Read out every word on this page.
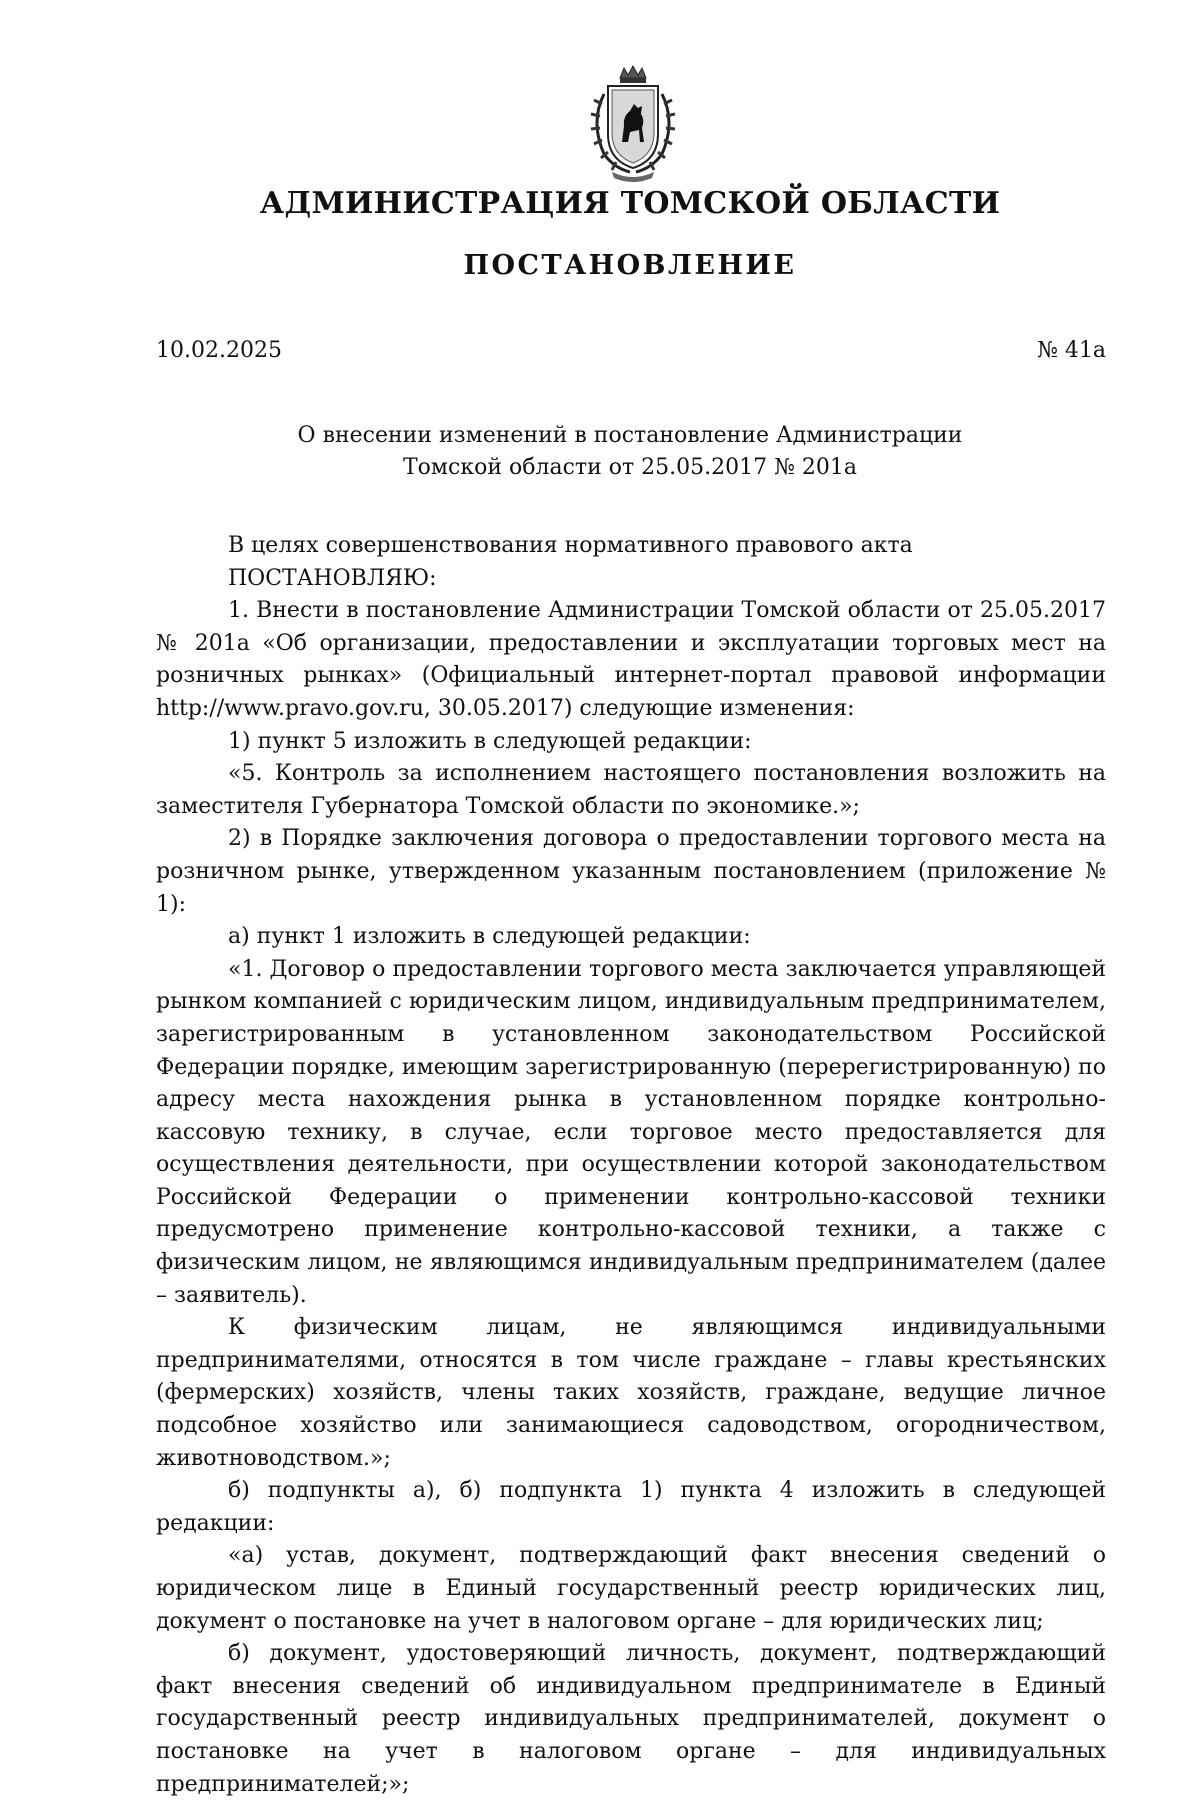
АДМИНИСТРАЦИЯ ТОМСКОЙ ОБЛАСТИ
ПОСТАНОВЛЕНИЕ
10.02.2025	№ 41а
О внесении изменений в постановление Администрации
Томской области от 25.05.2017 № 201а

В целях совершенствования нормативного правового акта

ПОСТАНОВЛЯЮ:

1. Внести в постановление Администрации Томской области от 25.05.2017 № 201а «Об организации, предоставлении и эксплуатации торговых мест на розничных рынках» (Официальный интернет-портал правовой информации http://www.pravo.gov.ru, 30.05.2017) следующие изменения:

1) пункт 5 изложить в следующей редакции:

«5. Контроль за исполнением настоящего постановления возложить на заместителя Губернатора Томской области по экономике.»;

2) в Порядке заключения договора о предоставлении торгового места на розничном рынке, утвержденном указанным постановлением (приложение № 1):

а) пункт 1 изложить в следующей редакции:

«1. Договор о предоставлении торгового места заключается управляющей рынком компанией с юридическим лицом, индивидуальным предпринимателем, зарегистрированным в установленном законодательством Российской Федерации порядке, имеющим зарегистрированную (перерегистрированную) по адресу места нахождения рынка в установленном порядке контрольно-кассовую технику, в случае, если торговое место предоставляется для осуществления деятельности, при осуществлении которой законодательством Российской Федерации о применении контрольно-кассовой техники предусмотрено применение контрольно-кассовой техники, а также с физическим лицом, не являющимся индивидуальным предпринимателем (далее – заявитель).

К физическим лицам, не являющимся индивидуальными предпринимателями, относятся в том числе граждане – главы крестьянских (фермерских) хозяйств, члены таких хозяйств, граждане, ведущие личное подсобное хозяйство или занимающиеся садоводством, огородничеством, животноводством.»;

б) подпункты а), б) подпункта 1) пункта 4 изложить в следующей редакции:

«а) устав, документ, подтверждающий факт внесения сведений о юридическом лице в Единый государственный реестр юридических лиц, документ о постановке на учет в налоговом органе – для юридических лиц;

б) документ, удостоверяющий личность, документ, подтверждающий факт внесения сведений об индивидуальном предпринимателе в Единый государственный реестр индивидуальных предпринимателей, документ о постановке на учет в налоговом органе – для индивидуальных предпринимателей;»;
